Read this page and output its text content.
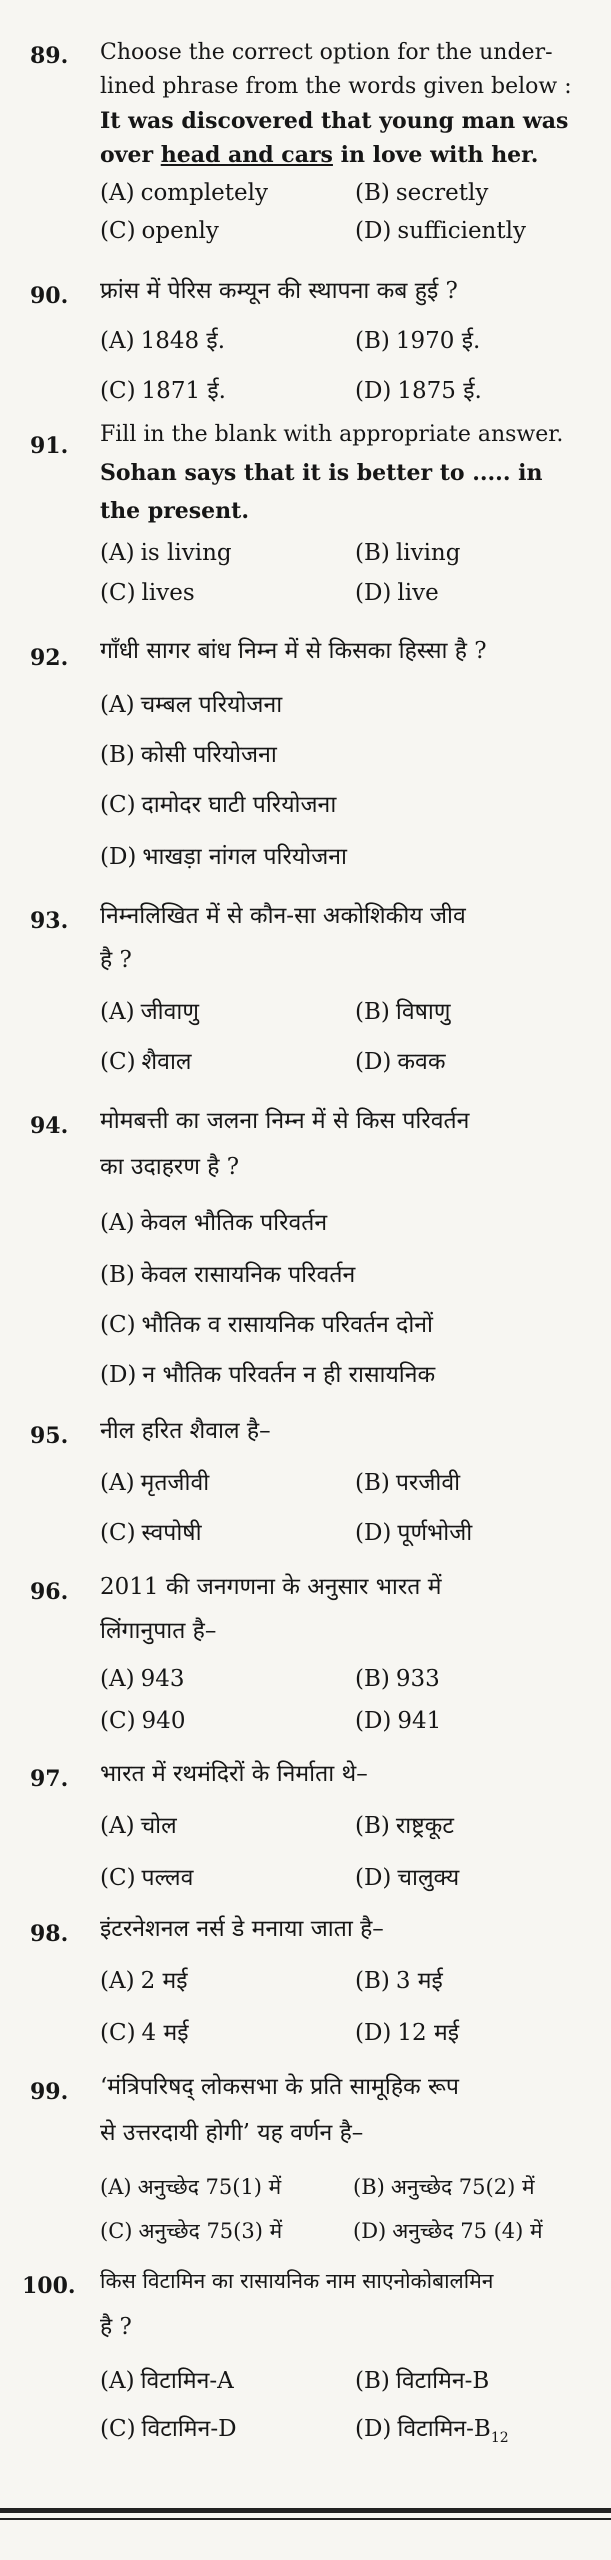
89. Choose the correct option for the under-
lined phrase from the words given below :
It was discovered that young man was
over head and cars in love with her.
(A) completely	(B) secretly
(C) openly	(D) sufficiently
90. फ्रांस में पेरिस कम्यून की स्थापना कब हुई ?
(A) 1848 ई.	(B) 1970 ई.
(C) 1871 ई.	(D) 1875 ई.
91. Fill in the blank with appropriate answer.
Sohan says that it is better to ..... in
the present.
(A) is living	(B) living
(C) lives	(D) live
92. गाँधी सागर बांध निम्न में से किसका हिस्सा है ?
(A) चम्बल परियोजना
(B) कोसी परियोजना
(C) दामोदर घाटी परियोजना
(D) भाखड़ा नांगल परियोजना
93. निम्नलिखित में से कौन-सा अकोशिकीय जीव
है ?
(A) जीवाणु	(B) विषाणु
(C) शैवाल	(D) कवक
94. मोमबत्ती का जलना निम्न में से किस परिवर्तन
का उदाहरण है ?
(A) केवल भौतिक परिवर्तन
(B) केवल रासायनिक परिवर्तन
(C) भौतिक व रासायनिक परिवर्तन दोनों
(D) न भौतिक परिवर्तन न ही रासायनिक
95. नील हरित शैवाल है–
(A) मृतजीवी	(B) परजीवी
(C) स्वपोषी	(D) पूर्णभोजी
96. 2011 की जनगणना के अनुसार भारत में
लिंगानुपात है–
(A) 943	(B) 933
(C) 940	(D) 941
97. भारत में रथमंदिरों के निर्माता थे–
(A) चोल	(B) राष्ट्रकूट
(C) पल्लव	(D) चालुक्य
98. इंटरनेशनल नर्स डे मनाया जाता है–
(A) 2 मई	(B) 3 मई
(C) 4 मई	(D) 12 मई
99. ‘मंत्रिपरिषद् लोकसभा के प्रति सामूहिक रूप
से उत्तरदायी होगी’ यह वर्णन है–
(A) अनुच्छेद 75(1) में	(B) अनुच्छेद 75(2) में
(C) अनुच्छेद 75(3) में	(D) अनुच्छेद 75 (4) में
100. किस विटामिन का रासायनिक नाम साएनोकोबालमिन
है ?
(A) विटामिन-A	(B) विटामिन-B
(C) विटामिन-D	(D) $विटामिन-B_{12}$
